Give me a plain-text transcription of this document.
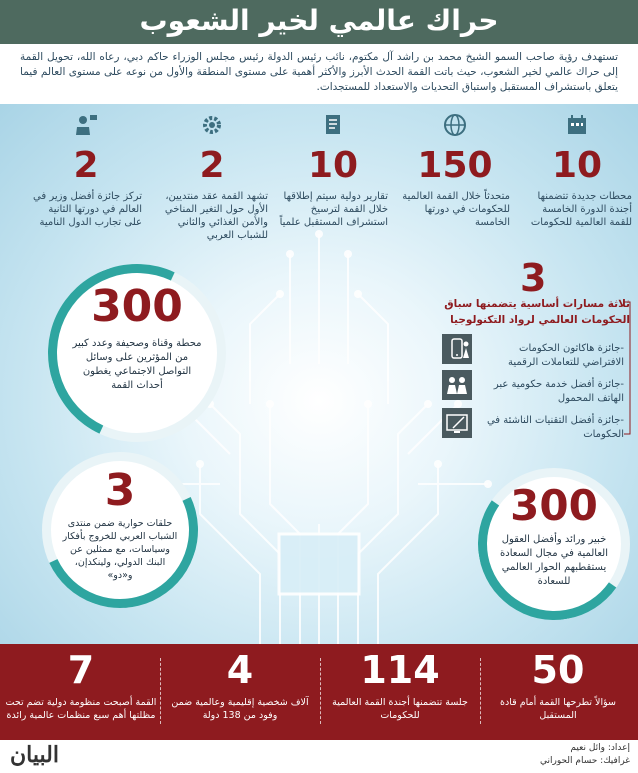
حراك عالمي لخير الشعوب
تستهدف رؤية صاحب السمو الشيخ محمد بن راشد آل مكتوم، نائب رئيس الدولة رئيس مجلس الوزراء حاكم دبي، رعاه الله، تحويل القمة إلى حراك عالمي لخير الشعوب، حيث باتت القمة الحدث الأبرز والأكثر أهمية على مستوى المنطقة والأول من نوعه على مستوى العالم فيما يتعلق باستشراف المستقبل واستباق التحديات والاستعداد للمستجدات.
10
محطات جديدة تتضمنها أجندة الدورة الخامسة للقمة العالمية للحكومات
150
متحدثاً خلال القمة العالمية للحكومات في دورتها الخامسة
10
تقارير دولية سيتم إطلاقها خلال القمة لترسيخ استشراف المستقبل علمياً
2
تشهد القمة عقد منتديين، الأول حول التغير المناخي والأمن الغذائي والثاني للشباب العربي
2
تركز جائزة أفضل وزير في العالم في دورتها الثانية على تجارب الدول النامية
300
محطة وقناة وصحيفة وعدد كبير من المؤثرين على وسائل التواصل الاجتماعي يغطون أحداث القمة
3
حلقات حوارية ضمن منتدى الشباب العربي للخروج بأفكار وسياسات، مع ممثلين عن البنك الدولي، ولينكدإن، و«دو»
300
خبير ورائد وأفضل العقول العالمية في مجال السعادة يستقطبهم الحوار العالمي للسعادة
3
ثلاثة مسارات أساسية يتضمنها سباق الحكومات العالمي لرواد التكنولوجيا
-جائزة هاكاثون الحكومات الافتراضي للتعاملات الرقمية
-جائزة أفضل خدمة حكومية عبر الهاتف المحمول
-جائزة أفضل التقنيات الناشئة في الحكومات
50
سؤالاً تطرحها القمة أمام قادة المستقبل
114
جلسة تتضمنها أجندة القمة العالمية للحكومات
4
آلاف شخصية إقليمية وعالمية ضمن وفود من 138 دولة
7
القمة أصبحت منظومة دولية تضم تحت مظلتها أهم سبع منظمات عالمية رائدة
إعداد: وائل نعيم
غرافيك: حسام الحوراني
البيان
